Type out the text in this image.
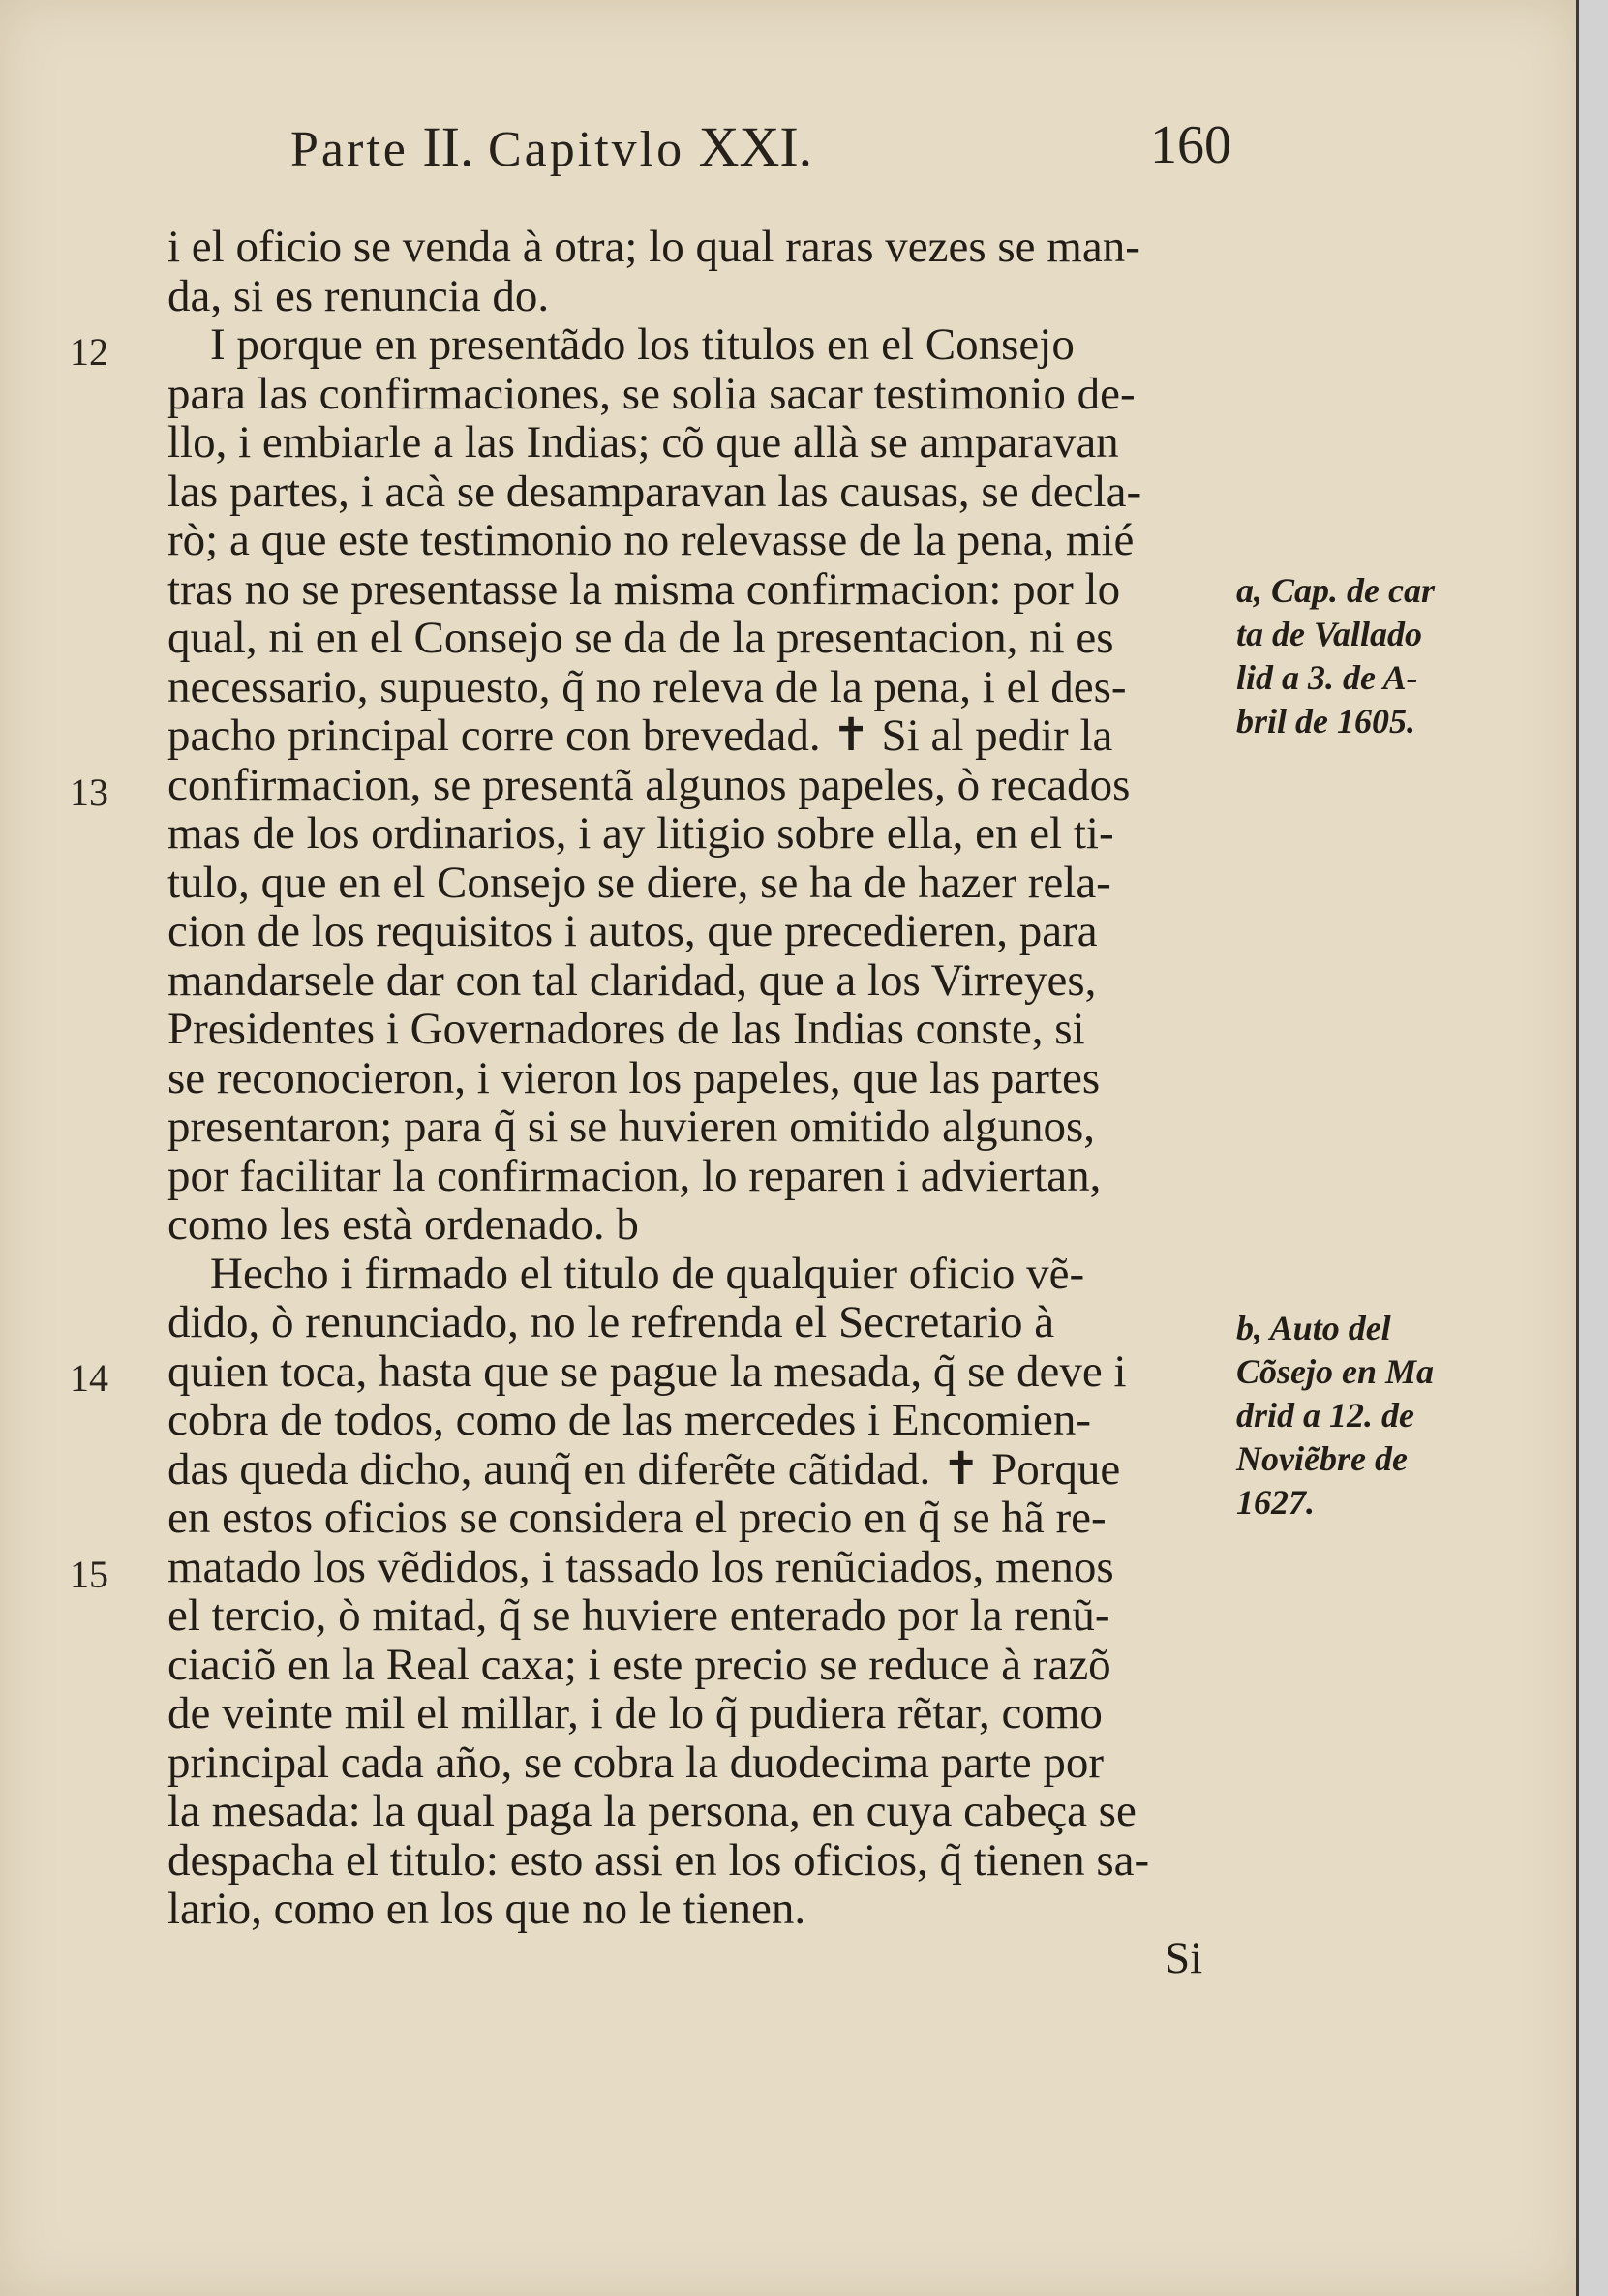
Parte II. Capitvlo XXI.	160
12
13
14
15
i el oficio se venda à otra; lo qual raras vezes se man-
da, si es renuncia do.
I porque en presentãdo los titulos en el Consejo
para las confirmaciones, se solia sacar testimonio de-
llo, i embiarle a las Indias; cõ que allà se amparavan
las partes, i acà se desamparavan las causas, se decla-
rò; a que este testimonio no relevasse de la pena, mié
tras no se presentasse la misma confirmacion: por lo
qual, ni en el Consejo se da de la presentacion, ni es
necessario, supuesto, q̃ no releva de la pena, i el des-
pacho principal corre con brevedad. ✝ Si al pedir la
confirmacion, se presentã algunos papeles, ò recados
mas de los ordinarios, i ay litigio sobre ella, en el ti-
tulo, que en el Consejo se diere, se ha de hazer rela-
cion de los requisitos i autos, que precedieren, para
mandarsele dar con tal claridad, que a los Virreyes,
Presidentes i Governadores de las Indias conste, si
se reconocieron, i vieron los papeles, que las partes
presentaron; para q̃ si se huvieren omitido algunos,
por facilitar la confirmacion, lo reparen i adviertan,
como les està ordenado. b
Hecho i firmado el titulo de qualquier oficio vẽ-
dido, ò renunciado, no le refrenda el Secretario à
quien toca, hasta que se pague la mesada, q̃ se deve i
cobra de todos, como de las mercedes i Encomien-
das queda dicho, aunq̃ en diferẽte cãtidad. ✝ Porque
en estos oficios se considera el precio en q̃ se hã re-
matado los vẽdidos, i tassado los renũciados, menos
el tercio, ò mitad, q̃ se huviere enterado por la renũ-
ciaciõ en la Real caxa; i este precio se reduce à razõ
de veinte mil el millar, i de lo q̃ pudiera rẽtar, como
principal cada año, se cobra la duodecima parte por
la mesada: la qual paga la persona, en cuya cabeça se
despacha el titulo: esto assi en los oficios, q̃ tienen sa-
lario, como en los que no le tienen.
Si
a, Cap. de car
ta de Vallado
lid a 3. de A-
bril de 1605.
b, Auto del
Cõsejo en Ma
drid a 12. de
Noviẽbre de
1627.
